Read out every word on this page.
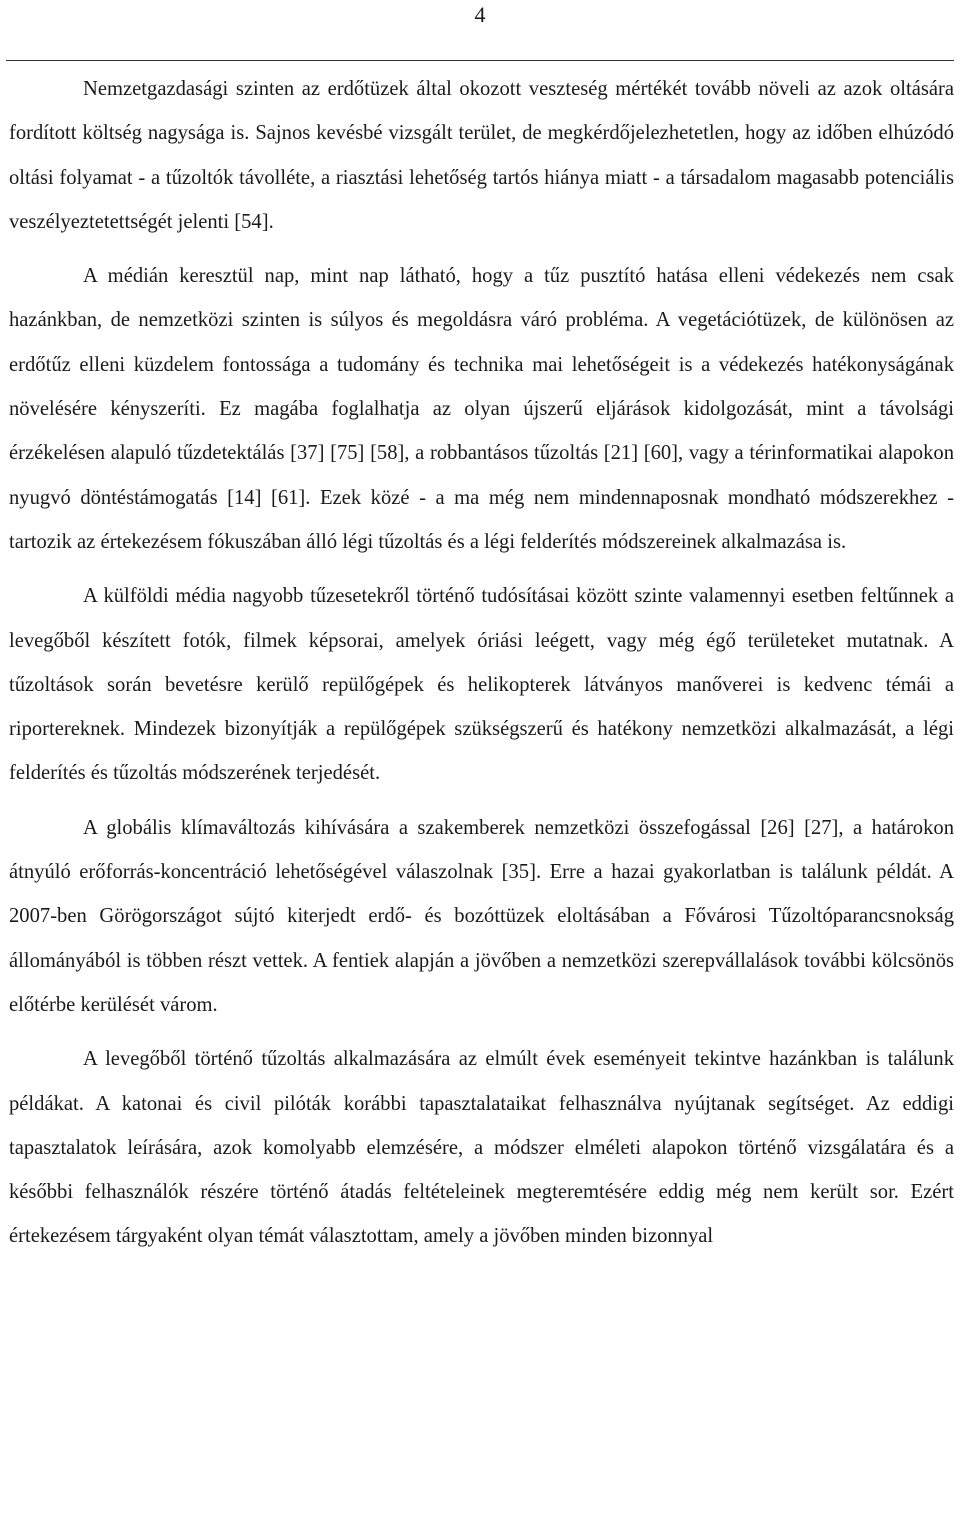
4

Nemzetgazdasági szinten az erdőtüzek által okozott veszteség mértékét tovább növeli az azok oltására fordított költség nagysága is. Sajnos kevésbé vizsgált terület, de megkérdőjelezhetetlen, hogy az időben elhúzódó oltási folyamat - a tűzoltók távolléte, a riasztási lehetőség tartós hiánya miatt - a társadalom magasabb potenciális veszélyeztetettségét jelenti [54].

A médián keresztül nap, mint nap látható, hogy a tűz pusztító hatása elleni védekezés nem csak hazánkban, de nemzetközi szinten is súlyos és megoldásra váró probléma. A vegetációtüzek, de különösen az erdőtűz elleni küzdelem fontossága a tudomány és technika mai lehetőségeit is a védekezés hatékonyságának növelésére kényszeríti. Ez magába foglalhatja az olyan újszerű eljárások kidolgozását, mint a távolsági érzékelésen alapuló tűzdetektálás [37] [75] [58], a robbantásos tűzoltás [21] [60], vagy a térinformatikai alapokon nyugvó döntéstámogatás [14] [61]. Ezek közé - a ma még nem mindennaposnak mondható módszerekhez - tartozik az értekezésem fókuszában álló légi tűzoltás és a légi felderítés módszereinek alkalmazása is.

A külföldi média nagyobb tűzesetekről történő tudósításai között szinte valamennyi esetben feltűnnek a levegőből készített fotók, filmek képsorai, amelyek óriási leégett, vagy még égő területeket mutatnak. A tűzoltások során bevetésre kerülő repülőgépek és helikopterek látványos manőverei is kedvenc témái a riportereknek. Mindezek bizonyítják a repülőgépek szükségszerű és hatékony nemzetközi alkalmazását, a légi felderítés és tűzoltás módszerének terjedését.

A globális klímaváltozás kihívására a szakemberek nemzetközi összefogással [26] [27], a határokon átnyúló erőforrás-koncentráció lehetőségével válaszolnak [35]. Erre a hazai gyakorlatban is találunk példát. A 2007-ben Görögországot sújtó kiterjedt erdő- és bozóttüzek eloltásában a Fővárosi Tűzoltóparancsnokság állományából is többen részt vettek. A fentiek alapján a jövőben a nemzetközi szerepvállalások további kölcsönös előtérbe kerülését várom.

A levegőből történő tűzoltás alkalmazására az elmúlt évek eseményeit tekintve hazánkban is találunk példákat. A katonai és civil pilóták korábbi tapasztalataikat felhasználva nyújtanak segítséget. Az eddigi tapasztalatok leírására, azok komolyabb elemzésére, a módszer elméleti alapokon történő vizsgálatára és a későbbi felhasználók részére történő átadás feltételeinek megteremtésére eddig még nem került sor. Ezért értekezésem tárgyaként olyan témát választottam, amely a jövőben minden bizonnyal
